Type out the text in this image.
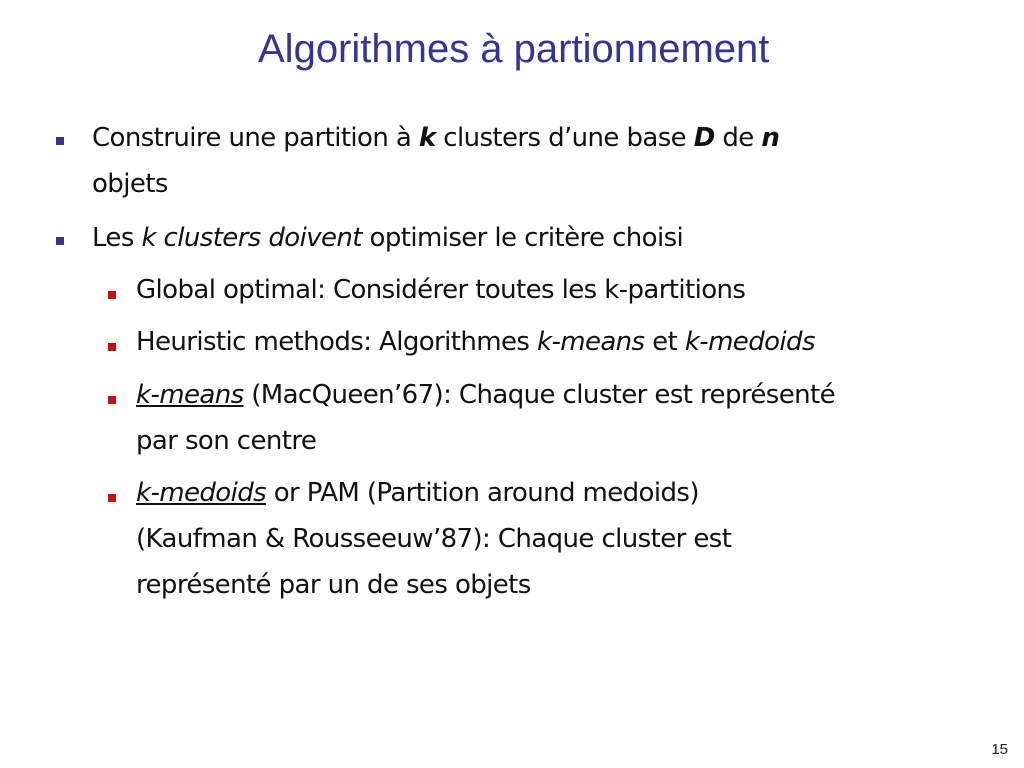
Algorithmes à partionnement
Construire une partition à k clusters d’une base D de n
objets
Les k clusters doivent optimiser le critère choisi
Global optimal: Considérer toutes les k-partitions
Heuristic methods: Algorithmes k-means et k-medoids
k-means (MacQueen’67): Chaque cluster est représenté
par son centre
k-medoids or PAM (Partition around medoids)
(Kaufman & Rousseeuw’87): Chaque cluster est
représenté par un de ses objets
15
